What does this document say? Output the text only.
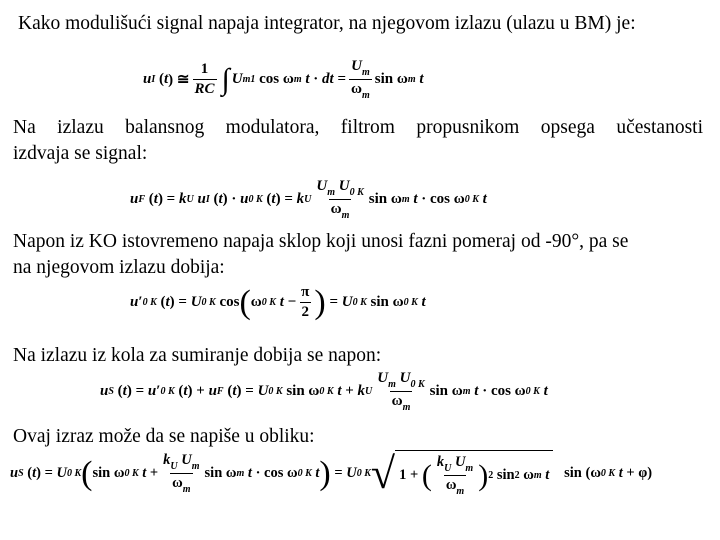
Kako modulišući signal napaja integrator, na njegovom izlazu (ulazu u BM) je:

u I ( t ) ≅ $\frac{1}{RC}$ ∫ U m1 cos ω m
t · dt = $\frac{U_m}{\omega_m}$ sin ω m
t

Na izlazu balansnog modulatora, filtrom propusnikom opsega učestanosti
izdvaja se signal:

u F ( t ) = k U
u I ( t ) · u 0 K ( t ) = k U $\frac{U_m U_{0 K}}{\omega_m}$ sin ω m
t · cos ω 0 K
t

Napon iz KO istovremeno napaja sklop koji unosi fazni pomeraj od -90°, pa se
na njegovom izlazu dobija:

u ′ 0 K ( t ) = U 0 K cos ( ω 0 K
$t - \frac{\pi}{2}$ ) = U 0 K sin ω 0 K
t

Na izlazu iz kola za sumiranje dobija se napon:

u S ( t ) = u ′ 0 K ( t ) + u F ( t ) = U 0 K sin ω 0 K
t + k U $\frac{U_m U_{0 K}}{\omega_m}$ sin ω m
t · cos ω 0 K
t

Ovaj izraz može da se napiše u obliku:

u S ( t ) = U 0 K ( sin ω 0 K
$t + \frac{k_U U_m}{\omega_m}$ sin ω m
t · cos ω 0 K
t ) = U 0 K √ 1 + ( $\frac{k_U U_m}{\omega_m}$ ) 2 sin 2 ω m
t sin (ω 0 K
t + φ)
